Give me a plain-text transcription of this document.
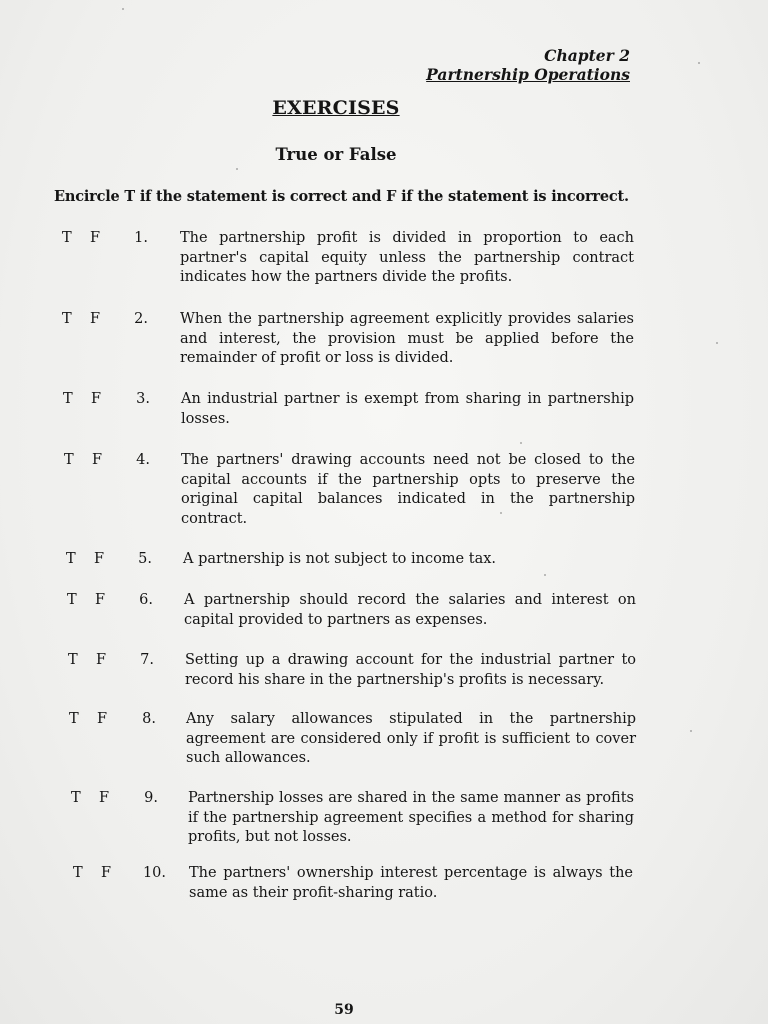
Chapter 2
Partnership Operations
EXERCISES
True or False
Encircle T if the statement is correct and F if the statement is incorrect.
T F	1. The partnership profit is divided in proportion to each partner's capital equity unless the partnership contract indicates how the partners divide the profits.
T F	2. When the partnership agreement explicitly provides salaries and interest, the provision must be applied before the remainder of profit or loss is divided.
T F	3. An industrial partner is exempt from sharing in partnership losses.
T F	4. The partners' drawing accounts need not be closed to the capital accounts if the partnership opts to preserve the original capital balances indicated in the partnership contract.
T F	5. A partnership is not subject to income tax.
T F	6. A partnership should record the salaries and interest on capital provided to partners as expenses.
T F	7. Setting up a drawing account for the industrial partner to record his share in the partnership's profits is necessary.
T F	8. Any salary allowances stipulated in the partnership agreement are considered only if profit is sufficient to cover such allowances.
T F	9. Partnership losses are shared in the same manner as profits if the partnership agreement specifies a method for sharing profits, but not losses.
T F	10. The partners' ownership interest percentage is always the same as their profit-sharing ratio.
59
